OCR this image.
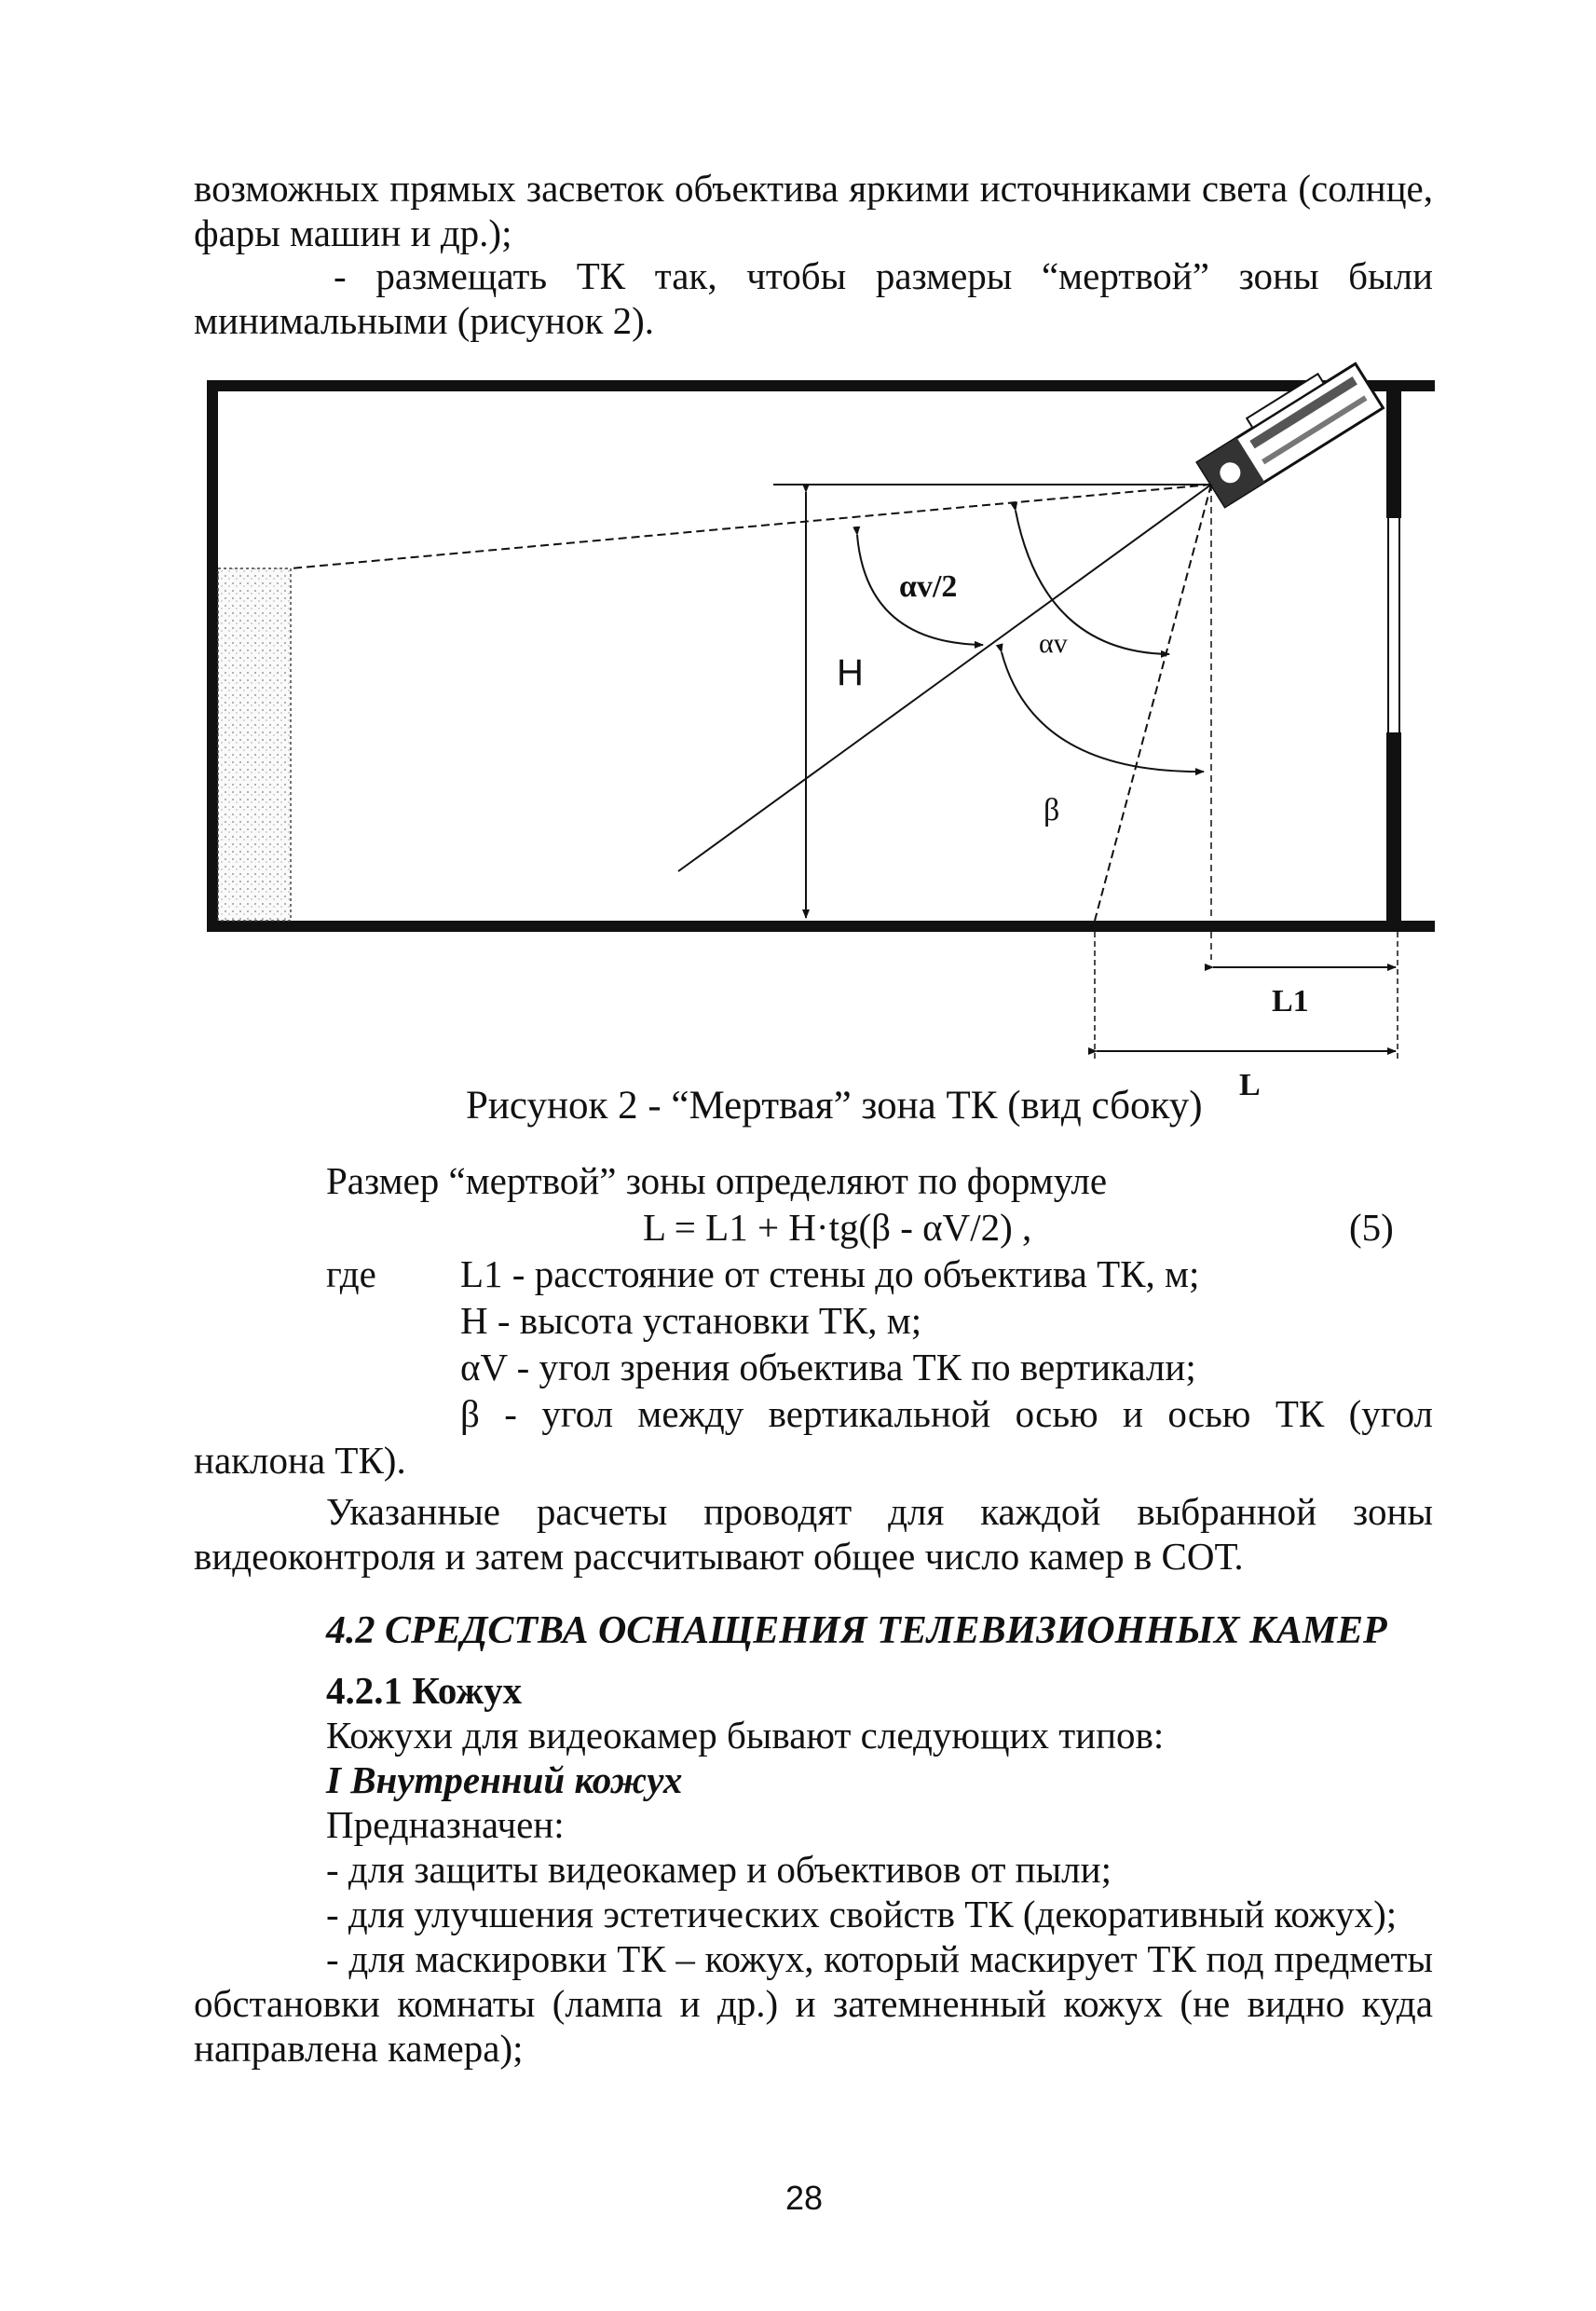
возможных прямых засветок объектива яркими источниками света (солнце,
фары машин и др.);
- размещать ТК так, чтобы размеры “мертвой” зоны были
минимальными (рисунок 2).
αv/2
αv
H
β
L1
L
Рисунок 2 - “Мертвая” зона ТК (вид сбоку)
Размер “мертвой” зоны определяют по формуле
L = L1 + H·tg(β - αV/2) ,	(5)
где L1 - расстояние от стены до объектива ТК, м;
Н - высота установки ТК, м;
αV - угол зрения объектива ТК по вертикали;
β - угол между вертикальной осью и осью ТК (угол
наклона ТК).
Указанные расчеты проводят для каждой выбранной зоны
видеоконтроля и затем рассчитывают общее число камер в СОТ.
4.2 СРЕДСТВА ОСНАЩЕНИЯ ТЕЛЕВИЗИОННЫХ КАМЕР
4.2.1 Кожух
Кожухи для видеокамер бывают следующих типов:
I Внутренний кожух
Предназначен:
- для защиты видеокамер и объективов от пыли;
- для улучшения эстетических свойств ТК (декоративный кожух);
- для маскировки ТК – кожух, который маскирует ТК под предметы
обстановки комнаты (лампа и др.) и затемненный кожух (не видно куда
направлена камера);
28
